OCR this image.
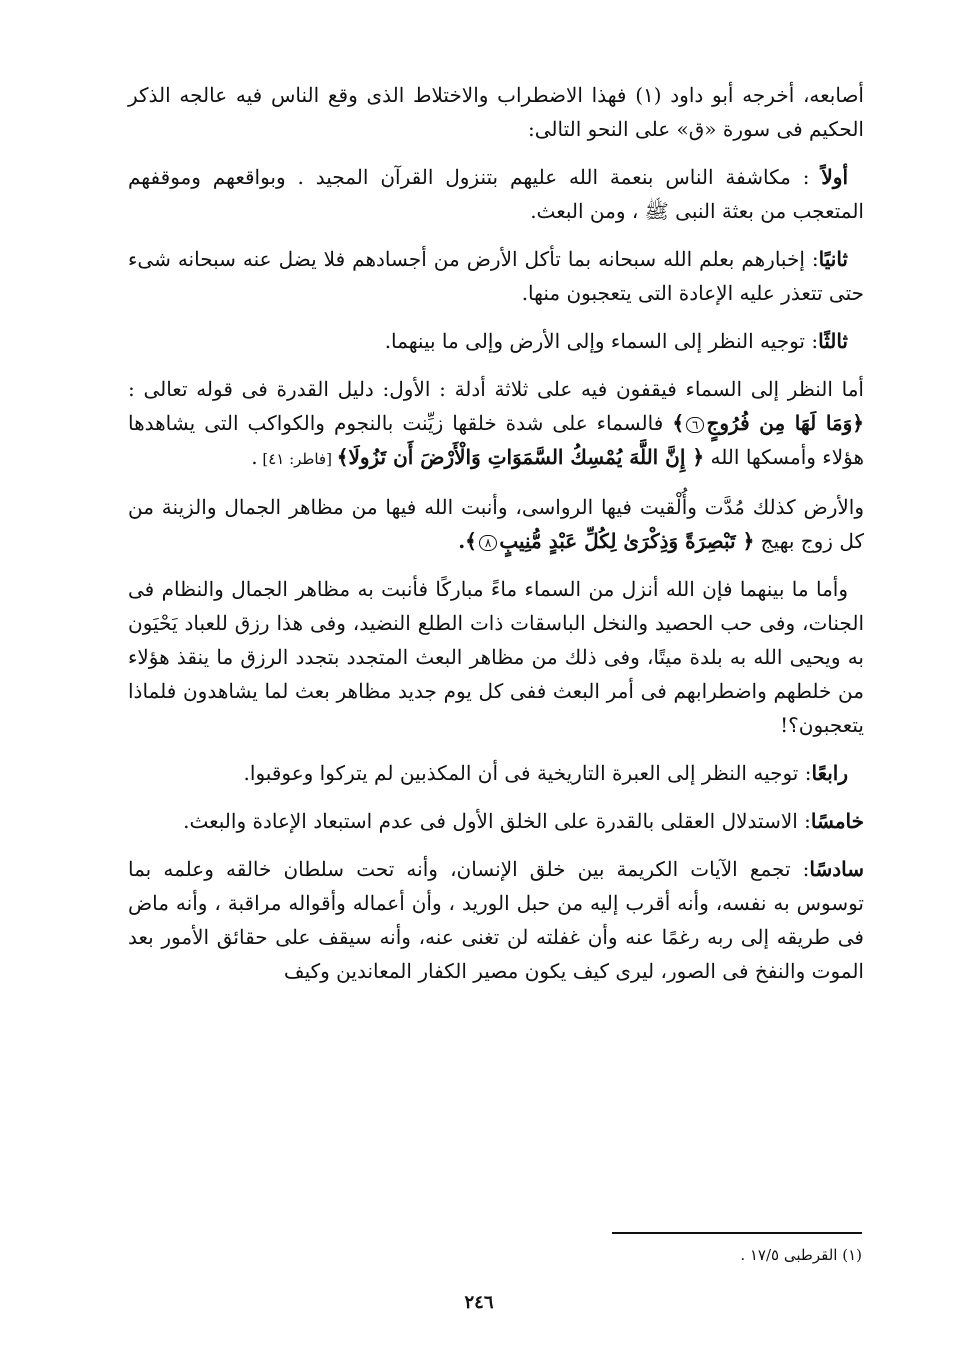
أصابعه، أخرجه أبو داود (١) فهذا الاضطراب والاختلاط الذى وقع الناس فيه عالجه الذكر الحكيم فى سورة «ق» على النحو التالى:

أولاً : مكاشفة الناس بنعمة الله عليهم بتنزول القرآن المجيد . وبواقعهم وموقفهم المتعجب من بعثة النبى ﷺ ، ومن البعث.

ثانيًا: إخبارهم بعلم الله سبحانه بما تأكل الأرض من أجسادهم فلا يضل عنه سبحانه شىء حتى تتعذر عليه الإعادة التى يتعجبون منها.

ثالثًا: توجيه النظر إلى السماء وإلى الأرض وإلى ما بينهما.

أما النظر إلى السماء فيقفون فيه على ثلاثة أدلة : الأول: دليل القدرة فى قوله تعالى : ﴿وَمَا لَهَا مِن فُرُوجٍ٦﴾ فالسماء على شدة خلقها زيِّنت بالنجوم والكواكب التى يشاهدها هؤلاء وأمسكها الله ﴿ إِنَّ اللَّهَ يُمْسِكُ السَّمَوَاتِ وَالْأَرْضَ أَن تَزُولَا﴾ [فاطر: ٤١] .

والأرض كذلك مُدَّت وأُلْقيت فيها الرواسى، وأنبت الله فيها من مظاهر الجمال والزينة من كل زوج بهيج ﴿ تَبْصِرَةً وَذِكْرَىٰ لِكُلِّ عَبْدٍ مُّنِيبٍ٨﴾.

وأما ما بينهما فإن الله أنزل من السماء ماءً مباركًا فأنبت به مظاهر الجمال والنظام فى الجنات، وفى حب الحصيد والنخل الباسقات ذات الطلع النضيد، وفى هذا رزق للعباد يَحْيَون به ويحيى الله به بلدة ميتًا، وفى ذلك من مظاهر البعث المتجدد بتجدد الرزق ما ينقذ هؤلاء من خلطهم واضطرابهم فى أمر البعث ففى كل يوم جديد مظاهر بعث لما يشاهدون فلماذا يتعجبون؟!

رابعًا: توجيه النظر إلى العبرة التاريخية فى أن المكذبين لم يتركوا وعوقبوا.

خامسًا: الاستدلال العقلى بالقدرة على الخلق الأول فى عدم استبعاد الإعادة والبعث.

سادسًا: تجمع الآيات الكريمة بين خلق الإنسان، وأنه تحت سلطان خالقه وعلمه بما توسوس به نفسه، وأنه أقرب إليه من حبل الوريد ، وأن أعماله وأقواله مراقبة ، وأنه ماض فى طريقه إلى ربه رغمًا عنه وأن غفلته لن تغنى عنه، وأنه سيقف على حقائق الأمور بعد الموت والنفخ فى الصور، ليرى كيف يكون مصير الكفار المعاندين وكيف

(١) القرطبى ١٧/٥ .
٢٤٦
